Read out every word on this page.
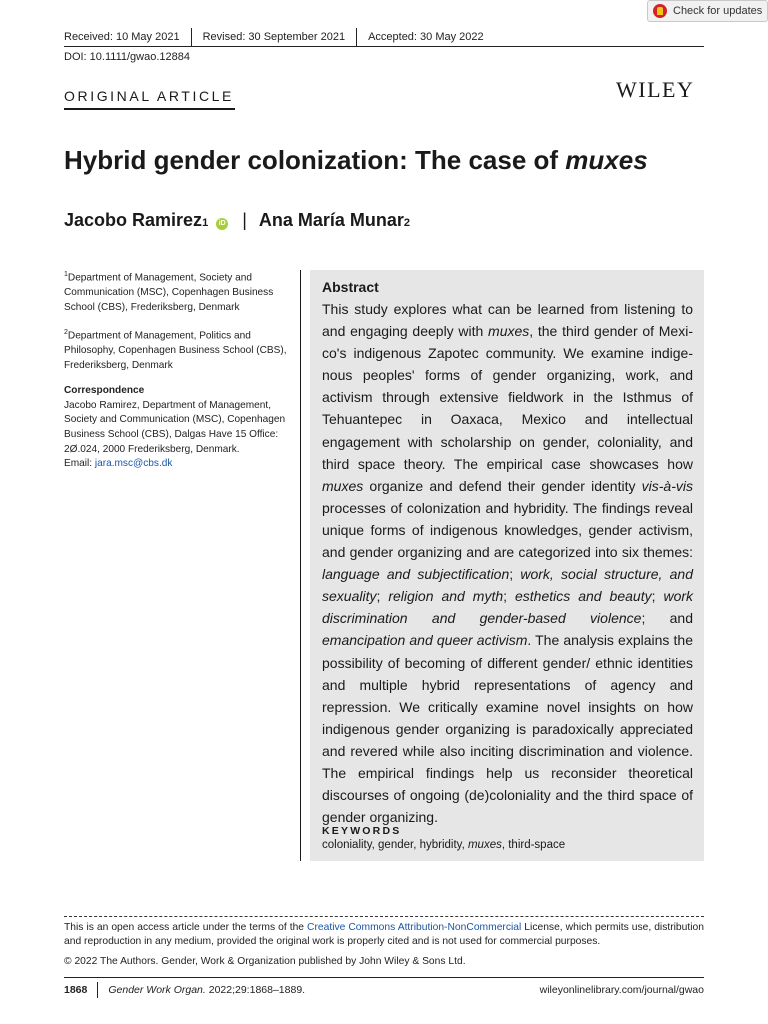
Check for updates
Received: 10 May 2021	Revised: 30 September 2021	Accepted: 30 May 2022
DOI: 10.1111/gwao.12884
ORIGINAL ARTICLE	WILEY
Hybrid gender colonization: The case of muxes
Jacobo Ramirez 1	iD | Ana María Munar 2

$^1$Department of Management, Society and Communication (MSC), Copenhagen Business School (CBS), Frederiksberg, Denmark

$^2$Department of Management, Politics and Philosophy, Copenhagen Business School (CBS), Frederiksberg, Denmark

Correspondence
Jacobo Ramirez, Department of Management, Society and Communication (MSC), Copenhagen Business School (CBS), Dalgas Have 15 Office: 2Ø.024, 2000 Frederiksberg, Denmark.
Email: jara.msc@cbs.dk
Abstract
This study explores what can be learned from listening to and engaging deeply with muxes, the third gender of Mexico's indigenous Zapotec community. We examine indigenous peoples' forms of gender organizing, work, and activism through extensive fieldwork in the Isthmus of Tehuantepec in Oaxaca, Mexico and intellectual engagement with scholarship on gender, coloniality, and third space theory. The empirical case showcases how muxes organize and defend their gender identity vis-à-vis processes of colonization and hybridity. The findings reveal unique forms of indigenous knowledges, gender activism, and gender organizing and are categorized into six themes: language and subjectification; work, social structure, and sexuality; religion and myth; esthetics and beauty; work discrimination and gender-based violence; and emancipation and queer activism. The analysis explains the possibility of becoming of different gender/ ethnic identities and multiple hybrid representations of agency and repression. We critically examine novel insights on how indigenous gender organizing is paradoxically appreciated and revered while also inciting discrimination and violence. The empirical findings help us reconsider theoretical discourses of ongoing (de)coloniality and the third space of gender organizing.
KEYWORDS
coloniality, gender, hybridity, muxes, third-space
This is an open access article under the terms of the Creative Commons Attribution-NonCommercial License, which permits use, distribution and reproduction in any medium, provided the original work is properly cited and is not used for commercial purposes.
© 2022 The Authors. Gender, Work & Organization published by John Wiley & Sons Ltd.
1868	Gender Work Organ. 2022;29:1868–1889.	wileyonlinelibrary.com/journal/gwao
